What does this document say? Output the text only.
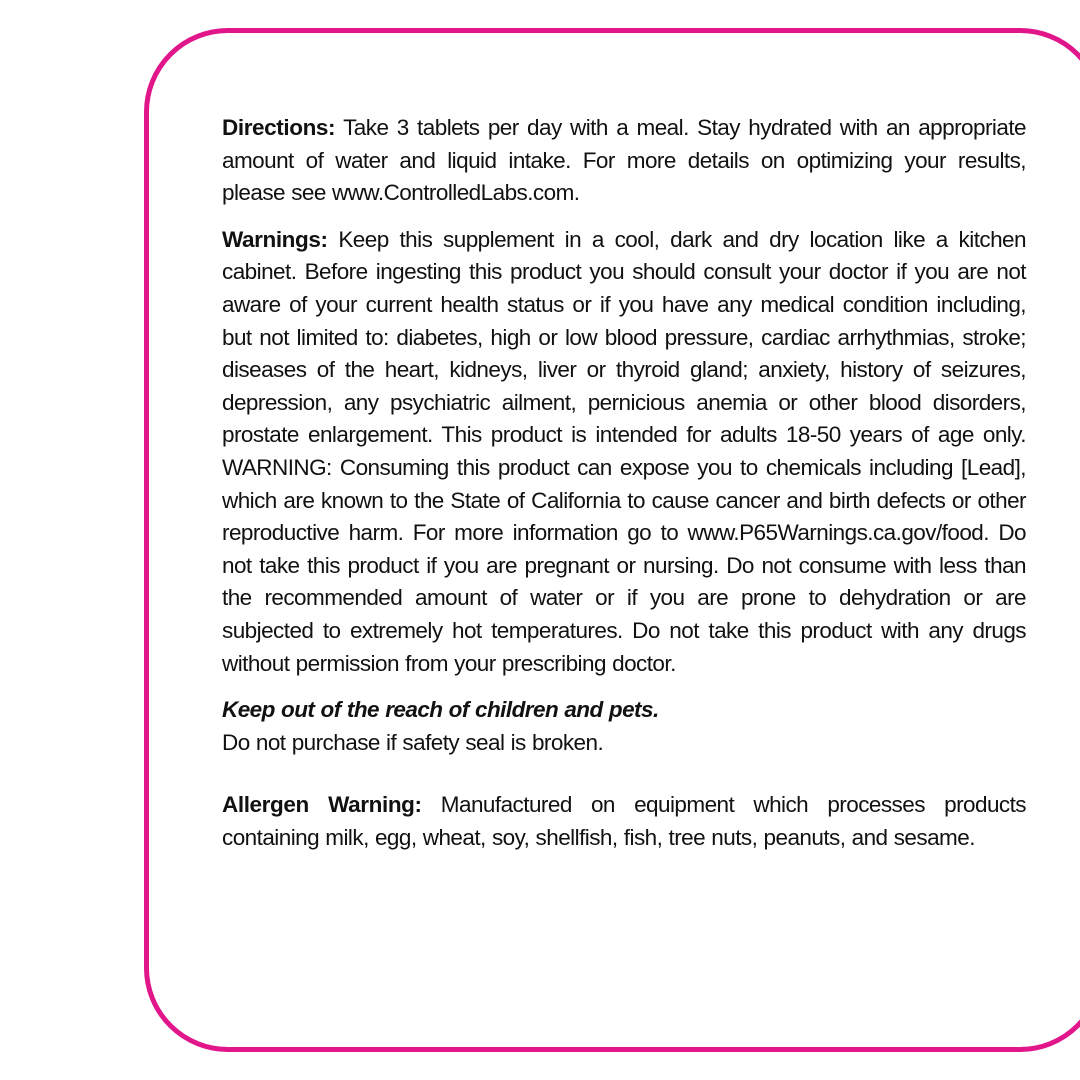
Directions: Take 3 tablets per day with a meal. Stay hydrated with an appropriate amount of water and liquid intake. For more details on optimizing your results, please see www.ControlledLabs.com.

Warnings: Keep this supplement in a cool, dark and dry location like a kitchen cabinet. Before ingesting this product you should consult your doctor if you are not aware of your current health status or if you have any medical condition including, but not limited to: diabetes, high or low blood pressure, cardiac arrhythmias, stroke; diseases of the heart, kidneys, liver or thyroid gland; anxiety, history of seizures, depression, any psychiatric ailment, pernicious anemia or other blood disorders, prostate enlargement. This product is intended for adults 18-50 years of age only. WARNING: Consuming this product can expose you to chemicals including [Lead], which are known to the State of California to cause cancer and birth defects or other reproductive harm. For more information go to www.P65Warnings.ca.gov/food. Do not take this product if you are pregnant or nursing. Do not consume with less than the recommended amount of water or if you are prone to dehydration or are subjected to extremely hot temperatures. Do not take this product with any drugs without permission from your prescribing doctor.

Keep out of the reach of children and pets.

Do not purchase if safety seal is broken.

Allergen Warning: Manufactured on equipment which processes products containing milk, egg, wheat, soy, shellfish, fish, tree nuts, peanuts, and sesame.
